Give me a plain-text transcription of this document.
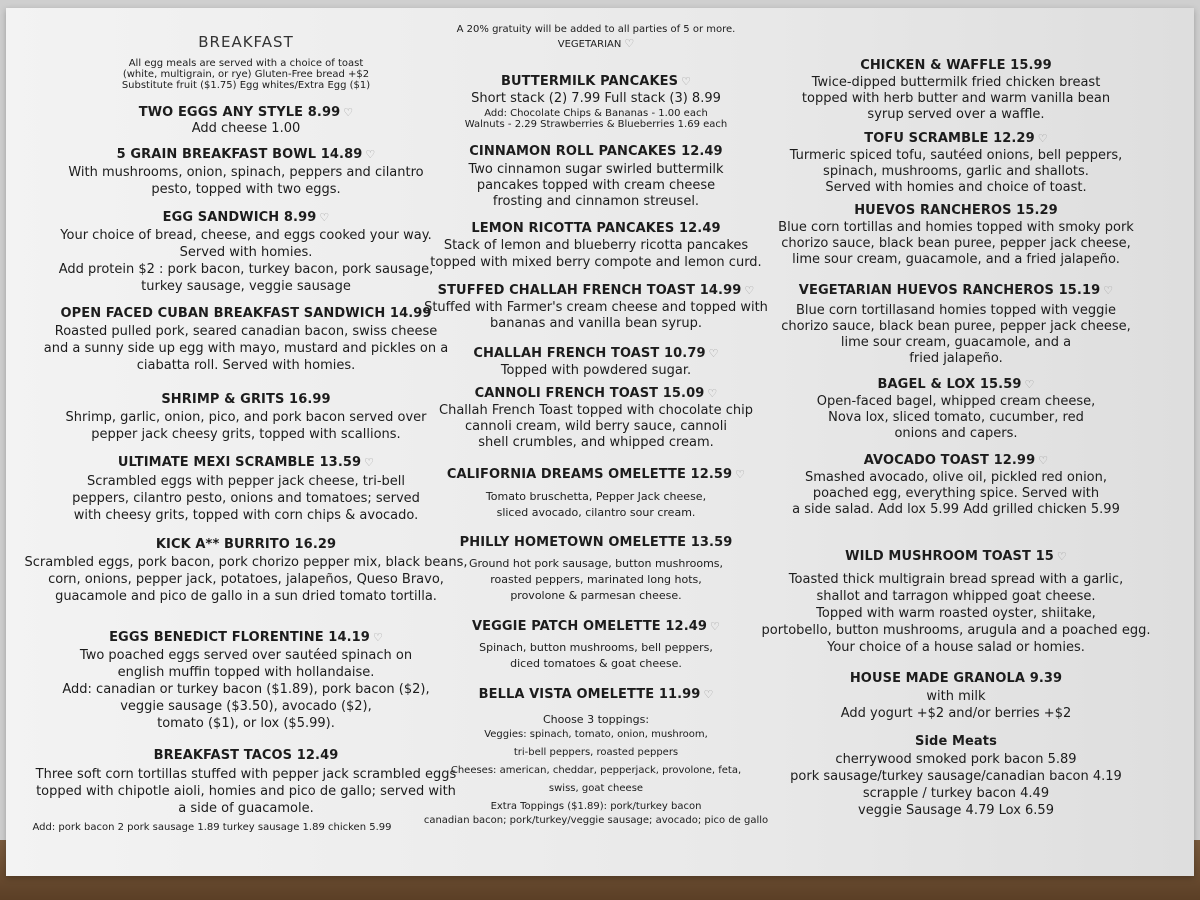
BREAKFAST
All egg meals are served with a choice of toast
(white, multigrain, or rye) Gluten-Free bread +$2
Substitute fruit ($1.75) Egg whites/Extra Egg ($1)
TWO EGGS ANY STYLE 8.99 ♡
Add cheese 1.00
5 GRAIN BREAKFAST BOWL 14.89 ♡
With mushrooms, onion, spinach, peppers and cilantro
pesto, topped with two eggs.
EGG SANDWICH 8.99 ♡
Your choice of bread, cheese, and eggs cooked your way.
Served with homies.
Add protein $2 : pork bacon, turkey bacon, pork sausage,
turkey sausage, veggie sausage
OPEN FACED CUBAN BREAKFAST SANDWICH 14.99
Roasted pulled pork, seared canadian bacon, swiss cheese
and a sunny side up egg with mayo, mustard and pickles on a
ciabatta roll. Served with homies.
SHRIMP & GRITS 16.99
Shrimp, garlic, onion, pico, and pork bacon served over
pepper jack cheesy grits, topped with scallions.
ULTIMATE MEXI SCRAMBLE 13.59 ♡
Scrambled eggs with pepper jack cheese, tri-bell
peppers, cilantro pesto, onions and tomatoes; served
with cheesy grits, topped with corn chips & avocado.
KICK A** BURRITO 16.29
Scrambled eggs, pork bacon, pork chorizo pepper mix, black beans,
corn, onions, pepper jack, potatoes, jalapeños, Queso Bravo,
guacamole and pico de gallo in a sun dried tomato tortilla.
EGGS BENEDICT FLORENTINE 14.19 ♡
Two poached eggs served over sautéed spinach on
english muffin topped with hollandaise.
Add: canadian or turkey bacon ($1.89), pork bacon ($2),
veggie sausage ($3.50), avocado ($2),
tomato ($1), or lox ($5.99).
BREAKFAST TACOS 12.49
Three soft corn tortillas stuffed with pepper jack scrambled eggs
topped with chipotle aioli, homies and pico de gallo; served with
a side of guacamole.
Add: pork bacon 2 pork sausage 1.89 turkey sausage 1.89 chicken 5.99
A 20% gratuity will be added to all parties of 5 or more.
VEGETARIAN ♡
BUTTERMILK PANCAKES ♡
Short stack (2) 7.99 Full stack (3) 8.99
Add: Chocolate Chips & Bananas - 1.00 each
Walnuts - 2.29 Strawberries & Blueberries 1.69 each
CINNAMON ROLL PANCAKES 12.49
Two cinnamon sugar swirled buttermilk
pancakes topped with cream cheese
frosting and cinnamon streusel.
LEMON RICOTTA PANCAKES 12.49
Stack of lemon and blueberry ricotta pancakes
topped with mixed berry compote and lemon curd.
STUFFED CHALLAH FRENCH TOAST 14.99 ♡
Stuffed with Farmer's cream cheese and topped with
bananas and vanilla bean syrup.
CHALLAH FRENCH TOAST 10.79 ♡
Topped with powdered sugar.
CANNOLI FRENCH TOAST 15.09 ♡
Challah French Toast topped with chocolate chip
cannoli cream, wild berry sauce, cannoli
shell crumbles, and whipped cream.
CALIFORNIA DREAMS OMELETTE 12.59 ♡
Tomato bruschetta, Pepper Jack cheese,
sliced avocado, cilantro sour cream.
PHILLY HOMETOWN OMELETTE 13.59
Ground hot pork sausage, button mushrooms,
roasted peppers, marinated long hots,
provolone & parmesan cheese.
VEGGIE PATCH OMELETTE 12.49 ♡
Spinach, button mushrooms, bell peppers,
diced tomatoes & goat cheese.
BELLA VISTA OMELETTE 11.99 ♡
Choose 3 toppings:
Veggies: spinach, tomato, onion, mushroom,
tri-bell peppers, roasted peppers
Cheeses: american, cheddar, pepperjack, provolone, feta,
swiss, goat cheese
Extra Toppings ($1.89): pork/turkey bacon
canadian bacon; pork/turkey/veggie sausage; avocado; pico de gallo
CHICKEN & WAFFLE 15.99
Twice-dipped buttermilk fried chicken breast
topped with herb butter and warm vanilla bean
syrup served over a waffle.
TOFU SCRAMBLE 12.29 ♡
Turmeric spiced tofu, sautéed onions, bell peppers,
spinach, mushrooms, garlic and shallots.
Served with homies and choice of toast.
HUEVOS RANCHEROS 15.29
Blue corn tortillas and homies topped with smoky pork
chorizo sauce, black bean puree, pepper jack cheese,
lime sour cream, guacamole, and a fried jalapeño.
VEGETARIAN HUEVOS RANCHEROS 15.19 ♡
Blue corn tortillasand homies topped with veggie
chorizo sauce, black bean puree, pepper jack cheese,
lime sour cream, guacamole, and a
fried jalapeño.
BAGEL & LOX 15.59 ♡
Open-faced bagel, whipped cream cheese,
Nova lox, sliced tomato, cucumber, red
onions and capers.
AVOCADO TOAST 12.99 ♡
Smashed avocado, olive oil, pickled red onion,
poached egg, everything spice. Served with
a side salad. Add lox 5.99 Add grilled chicken 5.99
WILD MUSHROOM TOAST 15 ♡
Toasted thick multigrain bread spread with a garlic,
shallot and tarragon whipped goat cheese.
Topped with warm roasted oyster, shiitake,
portobello, button mushrooms, arugula and a poached egg.
Your choice of a house salad or homies.
HOUSE MADE GRANOLA 9.39
with milk
Add yogurt +$2 and/or berries +$2
Side Meats
cherrywood smoked pork bacon 5.89
pork sausage/turkey sausage/canadian bacon 4.19
scrapple / turkey bacon 4.49
veggie Sausage 4.79 Lox 6.59
